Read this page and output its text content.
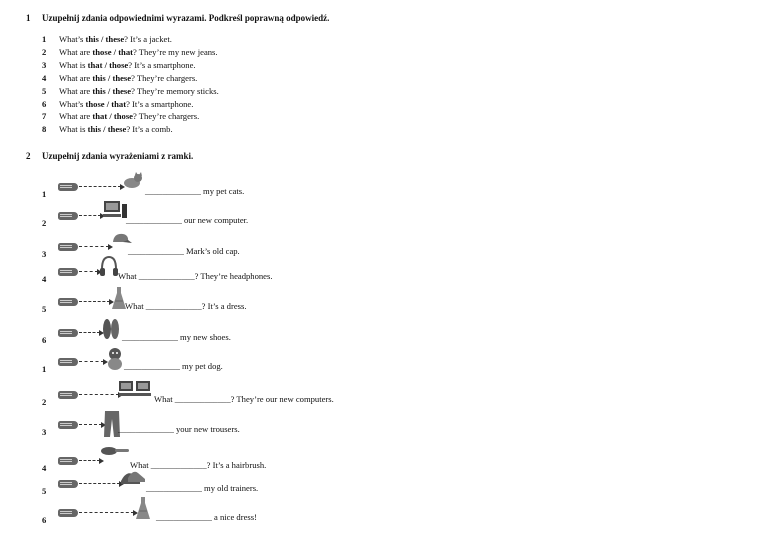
1 Uzupełnij zdania odpowiednimi wyrazami. Podkreśl poprawną odpowiedź.
1 What’s this / these? It’s a jacket.
2 What are those / that? They’re my new jeans.
3 What is that / those? It’s a smartphone.
4 What are this / these? They’re chargers.
5 What are this / these? They’re memory sticks.
6 What’s those / that? It’s a smartphone.
7 What are that / those? They’re chargers.
8 What is this / these? It’s a comb.
2 Uzupełnij zdania wyrażeniami z ramki.
1	_____________ my pet cats.
2	_____________ our new computer.
3	_____________ Mark’s old cap.
4	What _____________? They’re headphones.
5	What _____________? It’s a dress.
6	_____________ my new shoes.
1	_____________ my pet dog.
2	What _____________? They’re our new computers.
3	_____________ your new trousers.
4	What _____________? It’s a hairbrush.
5	_____________ my old trainers.
6	_____________ a nice dress!
